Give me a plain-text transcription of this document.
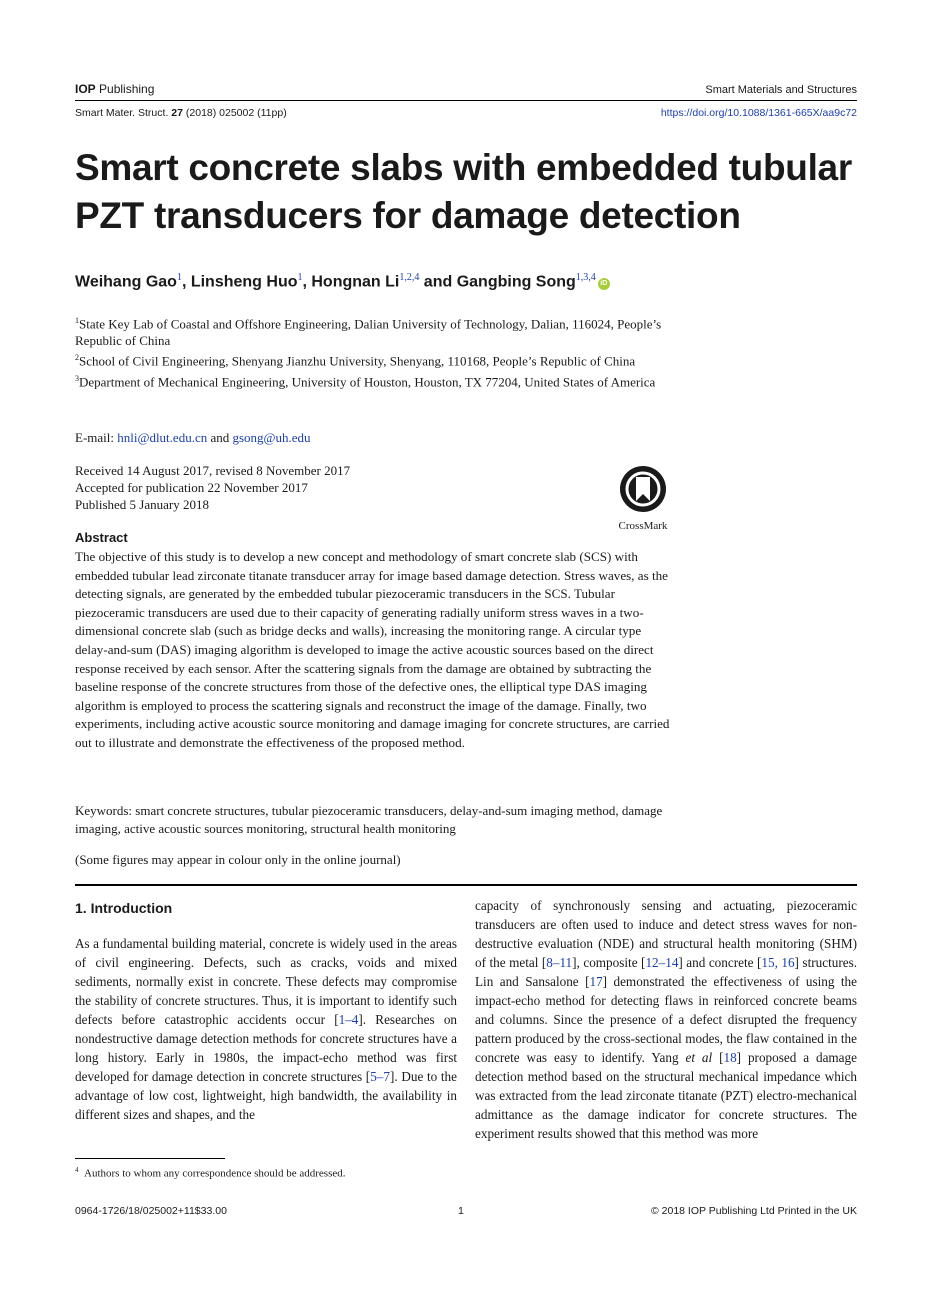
IOP Publishing	Smart Materials and Structures
Smart Mater. Struct. 27 (2018) 025002 (11pp)	https://doi.org/10.1088/1361-665X/aa9c72
Smart concrete slabs with embedded tubular PZT transducers for damage detection
Weihang Gao$^1$, Linsheng Huo$^1$, Hongnan Li$^{1,2,4}$ and Gangbing Song$^{1,3,4}$iD

$^1$State Key Lab of Coastal and Offshore Engineering, Dalian University of Technology, Dalian, 116024, People’s Republic of China

$^2$School of Civil Engineering, Shenyang Jianzhu University, Shenyang, 110168, People’s Republic of China

$^3$Department of Mechanical Engineering, University of Houston, Houston, TX 77204, United States of America

E-mail: hnli@dlut.edu.cn and gsong@uh.edu
Received 14 August 2017, revised 8 November 2017
Accepted for publication 22 November 2017
Published 5 January 2018
CrossMark
Abstract
The objective of this study is to develop a new concept and methodology of smart concrete slab (SCS) with embedded tubular lead zirconate titanate transducer array for image based damage detection. Stress waves, as the detecting signals, are generated by the embedded tubular piezoceramic transducers in the SCS. Tubular piezoceramic transducers are used due to their capacity of generating radially uniform stress waves in a two-dimensional concrete slab (such as bridge decks and walls), increasing the monitoring range. A circular type delay-and-sum (DAS) imaging algorithm is developed to image the active acoustic sources based on the direct response received by each sensor. After the scattering signals from the damage are obtained by subtracting the baseline response of the concrete structures from those of the defective ones, the elliptical type DAS imaging algorithm is employed to process the scattering signals and reconstruct the image of the damage. Finally, two experiments, including active acoustic source monitoring and damage imaging for concrete structures, are carried out to illustrate and demonstrate the effectiveness of the proposed method.
Keywords: smart concrete structures, tubular piezoceramic transducers, delay-and-sum imaging method, damage imaging, active acoustic sources monitoring, structural health monitoring
(Some figures may appear in colour only in the online journal)
1. Introduction

As a fundamental building material, concrete is widely used in the areas of civil engineering. Defects, such as cracks, voids and mixed sediments, normally exist in concrete. These defects may compromise the stability of concrete structures. Thus, it is important to identify such defects before catastrophic accidents occur [1–4]. Researches on nondestructive damage detection methods for concrete structures have a long history. Early in 1980s, the impact-echo method was first developed for damage detection in concrete structures [5–7]. Due to the advantage of low cost, lightweight, high bandwidth, the availability in different sizes and shapes, and the

capacity of synchronously sensing and actuating, piezoceramic transducers are often used to induce and detect stress waves for non-destructive evaluation (NDE) and structural health monitoring (SHM) of the metal [8–11], composite [12–14] and concrete [15, 16] structures. Lin and Sansalone [17] demonstrated the effectiveness of using the impact-echo method for detecting flaws in reinforced concrete beams and columns. Since the presence of a defect disrupted the frequency pattern produced by the cross-sectional modes, the flaw contained in the concrete was easy to identify. Yang et al [18] proposed a damage detection method based on the structural mechanical impedance which was extracted from the lead zirconate titanate (PZT) electro-mechanical admittance as the damage indicator for concrete structures. The experiment results showed that this method was more

$^4$ Authors to whom any correspondence should be addressed.
0964-1726/18/025002+11$33.00	1	© 2018 IOP Publishing Ltd Printed in the UK
